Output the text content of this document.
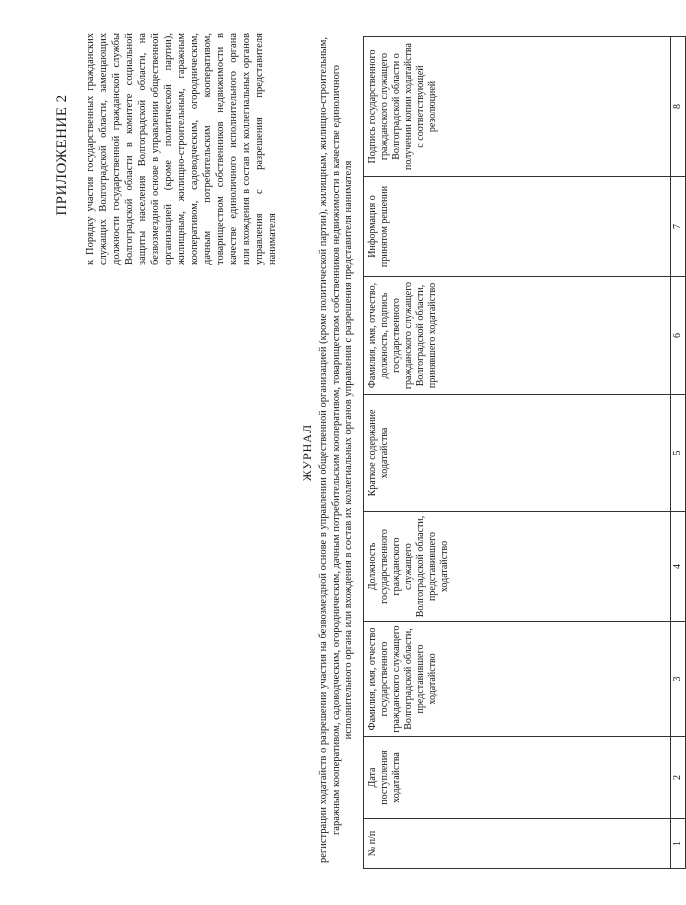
ПРИЛОЖЕНИЕ 2 к Порядку участия государственных гражданских служащих Волгоградской области, замещающих должности государственной гражданской службы Волгоградской области в комитете социальной защиты населения Волгоградской области, на безвозмездной основе в управлении общественной организацией (кроме политической партии), жилищным, жилищно-строительным, гаражным кооперативом, садоводческим, огородническим, дачным потребительским кооперативом, товариществом собственников недвижимости в качестве единоличного исполнительного органа или вхождения в состав их коллегиальных органов управления с разрешения представителя нанимателя
ЖУРНАЛ регистрации ходатайств о разрешении участия на безвозмездной основе в управлении общественной организацией (кроме политической партии), жилищным, жилищно-строительным, гаражным кооперативом, садоводческим, огородническим, дачным потребительским кооперативом, товариществом собственников недвижимости в качестве единоличного исполнительного органа или вхождения в состав их коллегиальных органов управления с разрешения представителя нанимателя
№ п/п	Дата поступления ходатайства	Фамилия, имя, отчество государственного гражданского служащего Волгоградской области, представившего ходатайство	Должность государственного гражданского служащего Волгоградской области, представившего ходатайство	Краткое содержание ходатайства	Фамилия, имя, отчество, должность, подпись государственного гражданского служащего Волгоградской области, принявшего ходатайство	Информация о принятом решении	Подпись государственного гражданского служащего Волгоградской области о получении копии ходатайства с соответствующей резолюцией
1	2	3	4	5	6	7	8
